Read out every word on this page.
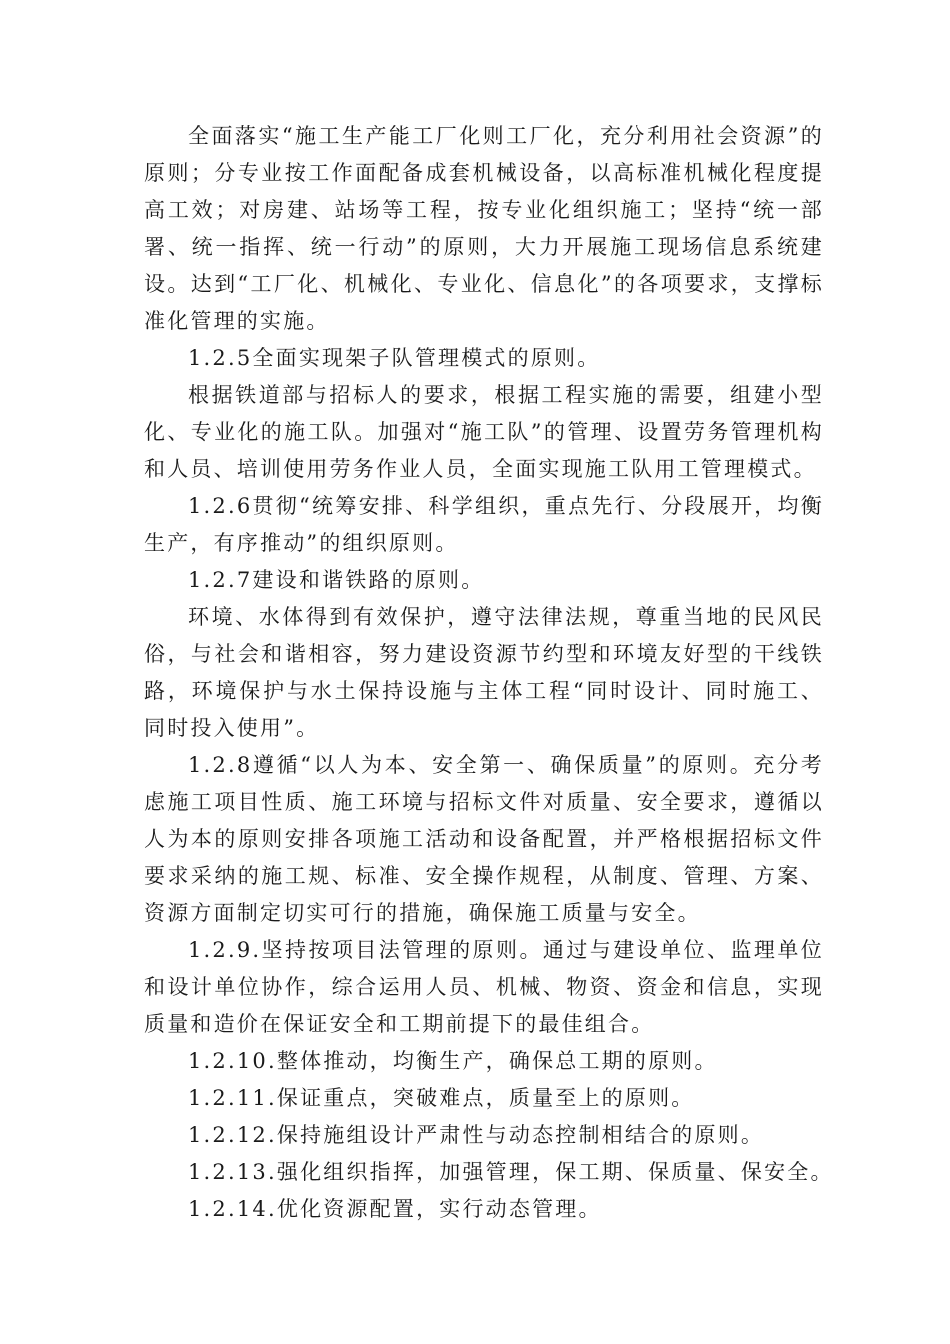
全面落实“施工生产能工厂化则工厂化，充分利用社会资源”的原则；分专业按工作面配备成套机械设备，以高标准机械化程度提高工效；对房建、站场等工程，按专业化组织施工；坚持“统一部署、统一指挥、统一行动”的原则，大力开展施工现场信息系统建设。达到“工厂化、机械化、专业化、信息化”的各项要求，支撑标准化管理的实施。

1.2.5全面实现架子队管理模式的原则。

根据铁道部与招标人的要求，根据工程实施的需要，组建小型化、专业化的施工队。加强对“施工队”的管理、设置劳务管理机构和人员、培训使用劳务作业人员，全面实现施工队用工管理模式。

1.2.6贯彻“统筹安排、科学组织，重点先行、分段展开，均衡生产，有序推动”的组织原则。

1.2.7建设和谐铁路的原则。

环境、水体得到有效保护，遵守法律法规，尊重当地的民风民俗，与社会和谐相容，努力建设资源节约型和环境友好型的干线铁路，环境保护与水土保持设施与主体工程“同时设计、同时施工、同时投入使用”。

1.2.8遵循“以人为本、安全第一、确保质量”的原则。充分考虑施工项目性质、施工环境与招标文件对质量、安全要求，遵循以人为本的原则安排各项施工活动和设备配置，并严格根据招标文件要求采纳的施工规、标准、安全操作规程，从制度、管理、方案、资源方面制定切实可行的措施，确保施工质量与安全。

1.2.9.坚持按项目法管理的原则。通过与建设单位、监理单位和设计单位协作，综合运用人员、机械、物资、资金和信息，实现质量和造价在保证安全和工期前提下的最佳组合。

1.2.10.整体推动，均衡生产，确保总工期的原则。

1.2.11.保证重点，突破难点，质量至上的原则。

1.2.12.保持施组设计严肃性与动态控制相结合的原则。

1.2.13.强化组织指挥，加强管理，保工期、保质量、保安全。

1.2.14.优化资源配置，实行动态管理。
